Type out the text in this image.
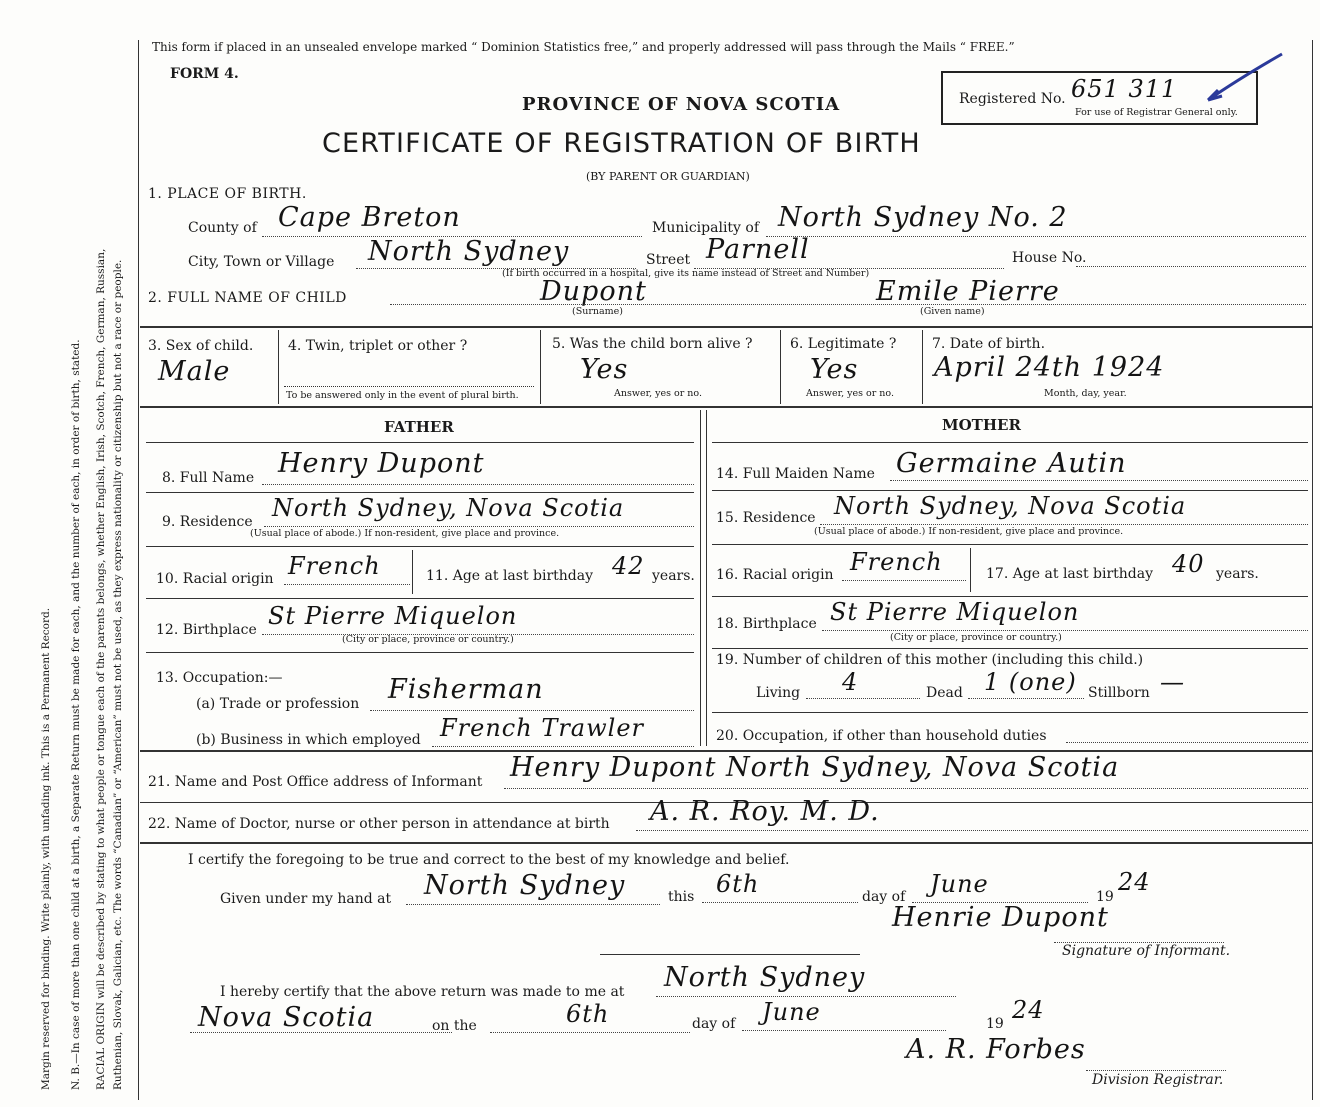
Margin reserved for binding. Write plainly, with unfading ink. This is a Permanent Record. N. B.—In case of more than one child at a birth, a Separate Return must be made for each, and the number of each, in order of birth, stated. RACIAL ORIGIN will be described by stating to what people or tongue each of the parents belongs, whether English, Irish, Scotch, French, German, Russian, Ruthenian, Slovak, Galician, etc. The words “Canadian” or “American” must not be used, as they express nationality or citizenship but not a race or people.
This form if placed in an unsealed envelope marked “ Dominion Statistics free,” and properly addressed will pass through the Mails “ FREE.”
FORM 4.
PROVINCE OF NOVA SCOTIA
CERTIFICATE OF REGISTRATION OF BIRTH
(BY PARENT OR GUARDIAN)
Registered No. 651 311
For use of Registrar General only.
1. PLACE OF BIRTH.
County of Cape Breton	Municipality of North Sydney No. 2
City, Town or Village North Sydney	Street Parnell	House No.
(If birth occurred in a hospital, give its name instead of Street and Number)
2. FULL NAME OF CHILD	Dupont
(Surname)
Emile Pierre
(Given name)
3. Sex of child.
Male
4. Twin, triplet or other ?
To be answered only in the event of plural birth.
5. Was the child born alive ?
Yes
Answer, yes or no.
6. Legitimate ?
Yes
Answer, yes or no.
7. Date of birth.
April 24th 1924
Month, day, year.
FATHER	MOTHER
8. Full Name Henry Dupont
9. Residence North Sydney, Nova Scotia
(Usual place of abode.) If non-resident, give place and province.
10. Racial origin French	11. Age at last birthday 42 years.
12. Birthplace St Pierre Miquelon
(City or place, province or country.)
13. Occupation:—
(a) Trade or profession Fisherman
(b) Business in which employed French Trawler
14. Full Maiden Name Germaine Autin
15. Residence North Sydney, Nova Scotia
(Usual place of abode.) If non-resident, give place and province.
16. Racial origin French	17. Age at last birthday 40 years.
18. Birthplace St Pierre Miquelon
(City or place, province or country.)
19. Number of children of this mother (including this child.)
Living 4	Dead 1 (one) Stillborn —
20. Occupation, if other than household duties
21. Name and Post Office address of Informant Henry Dupont North Sydney, Nova Scotia
22. Name of Doctor, nurse or other person in attendance at birth A. R. Roy. M. D.
I certify the foregoing to be true and correct to the best of my knowledge and belief.
Given under my hand at North Sydney	this 6th	day of June	19
24
Henrie Dupont
Signature of Informant.
I hereby certify that the above return was made to me at North Sydney
Nova Scotia	on the	6th	day of June	19 24
A. R. Forbes
Division Registrar.
